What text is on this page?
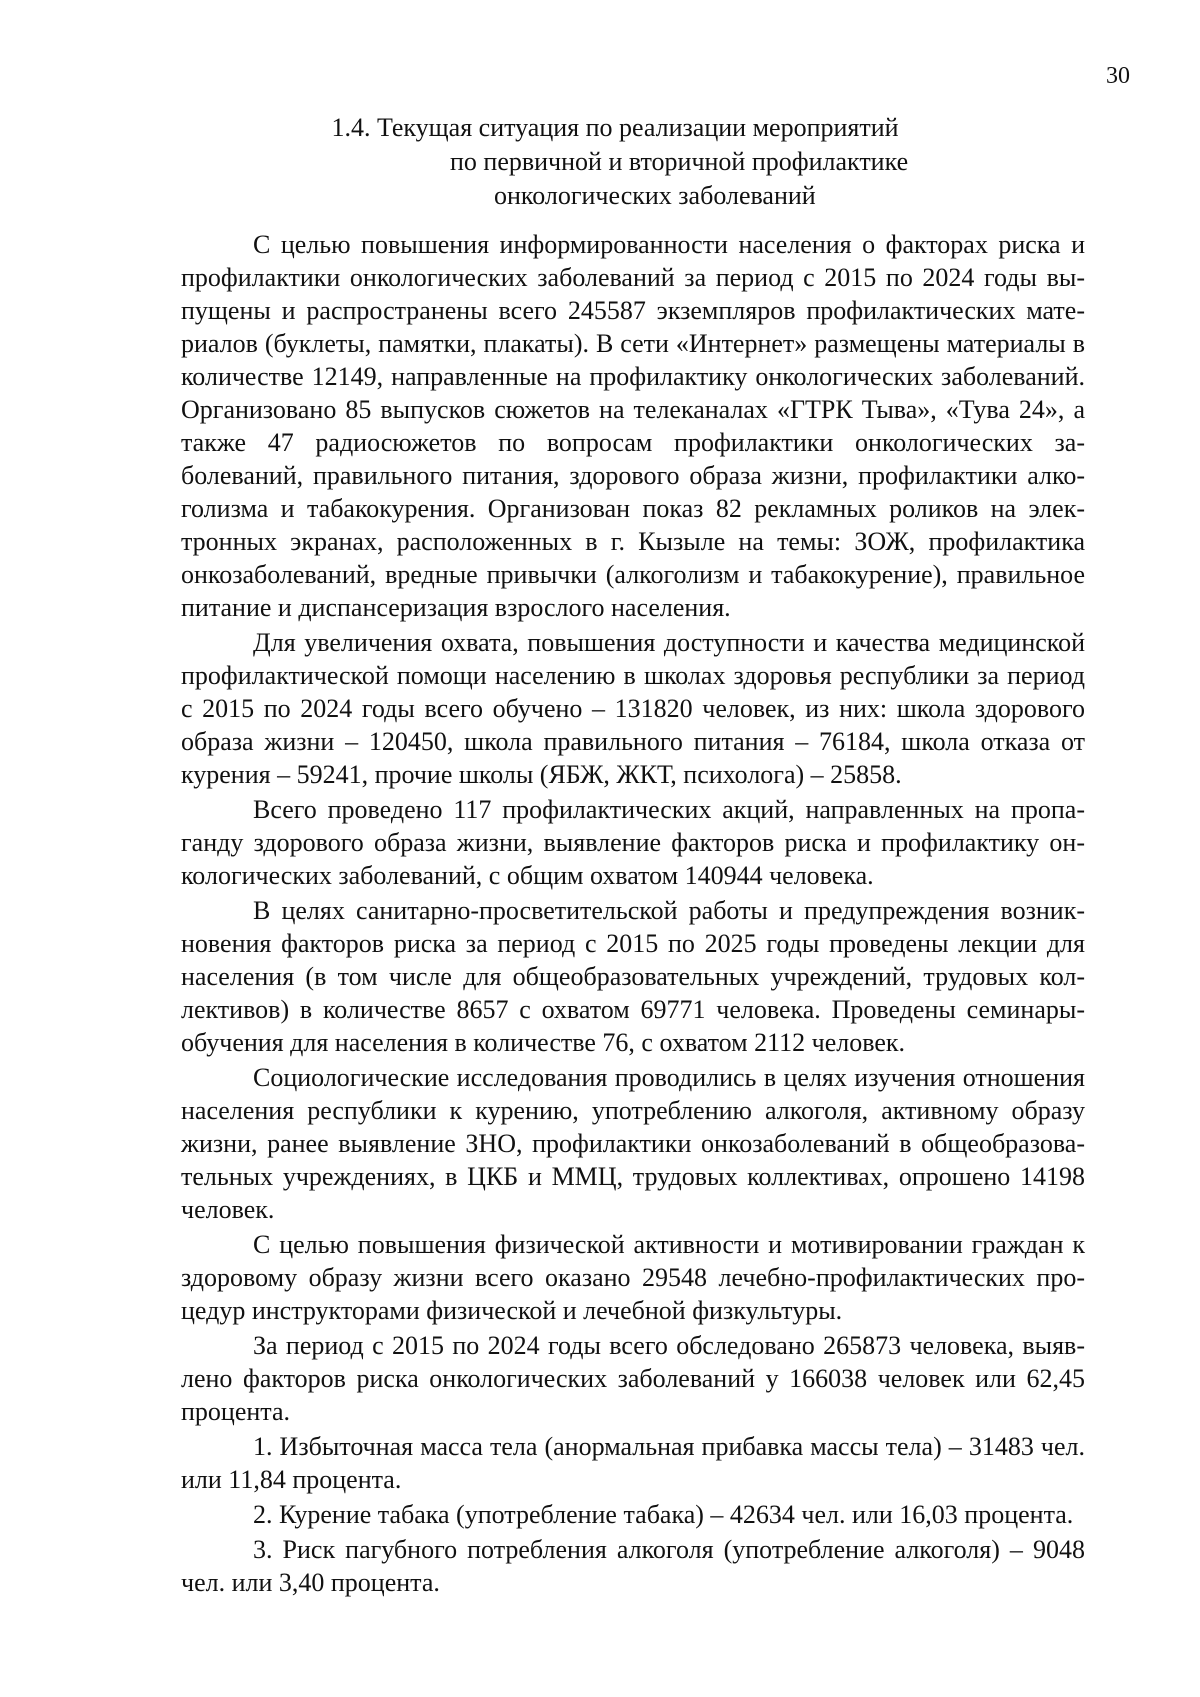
30
1.4. Текущая ситуация по реализации мероприятий
по первичной и вторичной профилактике
онкологических заболеваний

С целью повышения информированности населения о факторах риска и профилактики онкологических заболеваний за период с 2015 по 2024 годы выпущены и распространены всего 245587 экземпляров профилактических материалов (буклеты, памятки, плакаты). В сети «Интернет» размещены материалы в количестве 12149, направленные на профилактику онкологических заболеваний. Организовано 85 выпусков сюжетов на телеканалах «ГТРК Тыва», «Тува 24», а также 47 радиосюжетов по вопросам профилактики онкологических заболеваний, правильного питания, здорового образа жизни, профилактики алкоголизма и табакокурения. Организован показ 82 рекламных роликов на электронных экранах, расположенных в г. Кызыле на темы: ЗОЖ, профилактика онкозаболеваний, вредные привычки (алкоголизм и табакокурение), правильное питание и диспансеризация взрослого населения.

Для увеличения охвата, повышения доступности и качества медицинской профилактической помощи населению в школах здоровья республики за период с 2015 по 2024 годы всего обучено – 131820 человек, из них: школа здорового образа жизни – 120450, школа правильного питания – 76184, школа отказа от курения – 59241, прочие школы (ЯБЖ, ЖКТ, психолога) – 25858.

Всего проведено 117 профилактических акций, направленных на пропаганду здорового образа жизни, выявление факторов риска и профилактику онкологических заболеваний, с общим охватом 140944 человека.

В целях санитарно-просветительской работы и предупреждения возникновения факторов риска за период с 2015 по 2025 годы проведены лекции для населения (в том числе для общеобразовательных учреждений, трудовых коллективов) в количестве 8657 с охватом 69771 человека. Проведены семинары-обучения для населения в количестве 76, с охватом 2112 человек.

Социологические исследования проводились в целях изучения отношения населения республики к курению, употреблению алкоголя, активному образу жизни, ранее выявление ЗНО, профилактики онкозаболеваний в общеобразовательных учреждениях, в ЦКБ и ММЦ, трудовых коллективах, опрошено 14198 человек.

С целью повышения физической активности и мотивировании граждан к здоровому образу жизни всего оказано 29548 лечебно-профилактических процедур инструкторами физической и лечебной физкультуры.

За период с 2015 по 2024 годы всего обследовано 265873 человека, выявлено факторов риска онкологических заболеваний у 166038 человек или 62,45 процента.

1. Избыточная масса тела (анормальная прибавка массы тела) – 31483 чел. или 11,84 процента.

2. Курение табака (употребление табака) – 42634 чел. или 16,03 процента.

3. Риск пагубного потребления алкоголя (употребление алкоголя) – 9048 чел. или 3,40 процента.
